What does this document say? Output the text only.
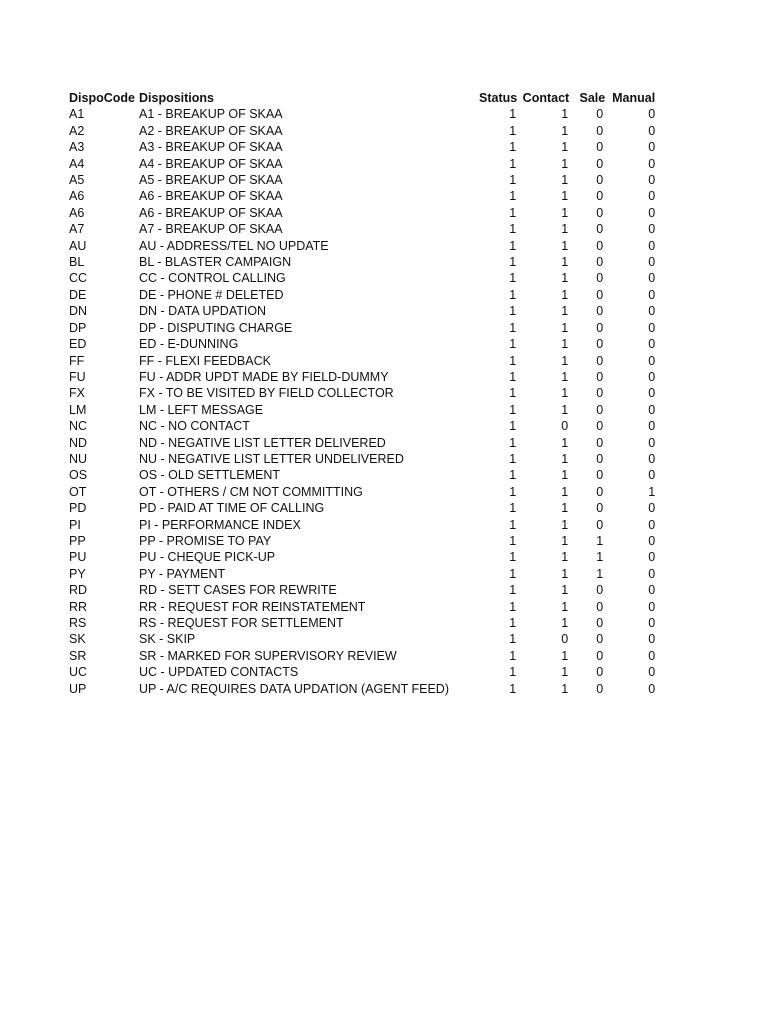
DispoCode	Dispositions	Status	Contact	Sale	Manual
A1	A1 - BREAKUP OF SKAA	1	1	0	0
A2	A2 - BREAKUP OF SKAA	1	1	0	0
A3	A3 - BREAKUP OF SKAA	1	1	0	0
A4	A4 - BREAKUP OF SKAA	1	1	0	0
A5	A5 - BREAKUP OF SKAA	1	1	0	0
A6	A6 - BREAKUP OF SKAA	1	1	0	0
A6	A6 - BREAKUP OF SKAA	1	1	0	0
A7	A7 - BREAKUP OF SKAA	1	1	0	0
AU	AU - ADDRESS/TEL NO UPDATE	1	1	0	0
BL	BL - BLASTER CAMPAIGN	1	1	0	0
CC	CC - CONTROL CALLING	1	1	0	0
DE	DE - PHONE # DELETED	1	1	0	0
DN	DN - DATA UPDATION	1	1	0	0
DP	DP - DISPUTING CHARGE	1	1	0	0
ED	ED - E-DUNNING	1	1	0	0
FF	FF - FLEXI FEEDBACK	1	1	0	0
FU	FU - ADDR UPDT MADE BY FIELD-DUMMY	1	1	0	0
FX	FX - TO BE VISITED BY FIELD COLLECTOR	1	1	0	0
LM	LM - LEFT MESSAGE	1	1	0	0
NC	NC - NO CONTACT	1	0	0	0
ND	ND - NEGATIVE LIST LETTER DELIVERED	1	1	0	0
NU	NU - NEGATIVE LIST LETTER UNDELIVERED	1	1	0	0
OS	OS - OLD SETTLEMENT	1	1	0	0
OT	OT - OTHERS / CM NOT COMMITTING	1	1	0	1
PD	PD - PAID AT TIME OF CALLING	1	1	0	0
PI	PI - PERFORMANCE INDEX	1	1	0	0
PP	PP - PROMISE TO PAY	1	1	1	0
PU	PU - CHEQUE PICK-UP	1	1	1	0
PY	PY - PAYMENT	1	1	1	0
RD	RD - SETT CASES FOR REWRITE	1	1	0	0
RR	RR - REQUEST FOR REINSTATEMENT	1	1	0	0
RS	RS - REQUEST FOR SETTLEMENT	1	1	0	0
SK	SK - SKIP	1	0	0	0
SR	SR - MARKED FOR SUPERVISORY REVIEW	1	1	0	0
UC	UC - UPDATED CONTACTS	1	1	0	0
UP	UP - A/C REQUIRES DATA UPDATION (AGENT FEED)	1	1	0	0
